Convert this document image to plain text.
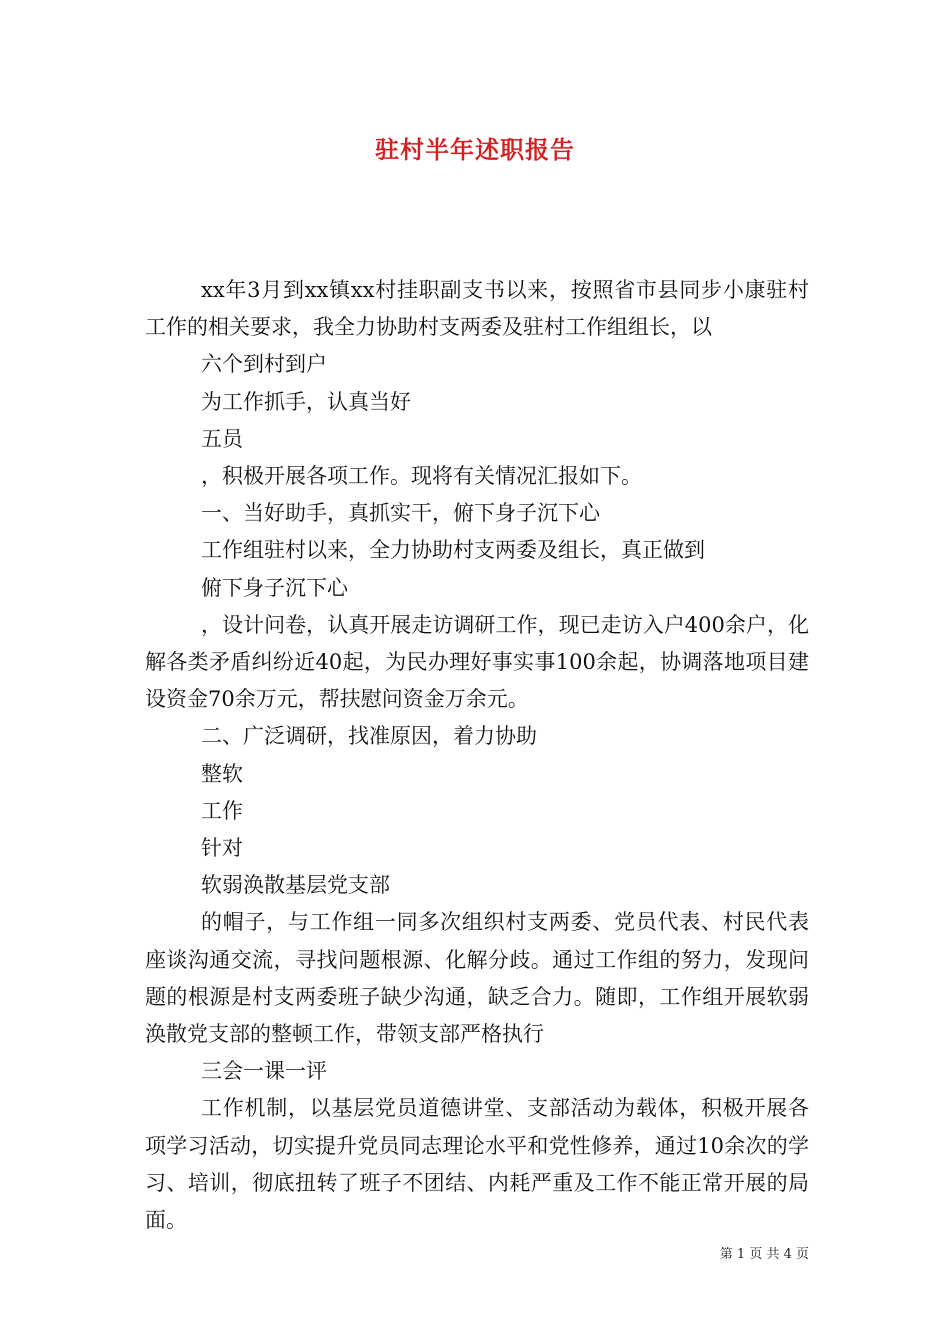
驻村半年述职报告

xx年3月到xx镇xx村挂职副支书以来，按照省市县同步小康驻村工作的相关要求，我全力协助村支两委及驻村工作组组长，以

六个到村到户

为工作抓手，认真当好

五员

，积极开展各项工作。现将有关情况汇报如下。

一、当好助手，真抓实干，俯下身子沉下心

工作组驻村以来，全力协助村支两委及组长，真正做到

俯下身子沉下心

，设计问卷，认真开展走访调研工作，现已走访入户400余户，化解各类矛盾纠纷近40起，为民办理好事实事100余起，协调落地项目建设资金70余万元，帮扶慰问资金万余元。

二、广泛调研，找准原因，着力协助

整软

工作

针对

软弱涣散基层党支部

的帽子，与工作组一同多次组织村支两委、党员代表、村民代表座谈沟通交流，寻找问题根源、化解分歧。通过工作组的努力，发现问题的根源是村支两委班子缺少沟通，缺乏合力。随即，工作组开展软弱涣散党支部的整顿工作，带领支部严格执行

三会一课一评

工作机制，以基层党员道德讲堂、支部活动为载体，积极开展各项学习活动，切实提升党员同志理论水平和党性修养，通过10余次的学习、培训，彻底扭转了班子不团结、内耗严重及工作不能正常开展的局面。

第 1 页 共 4 页
